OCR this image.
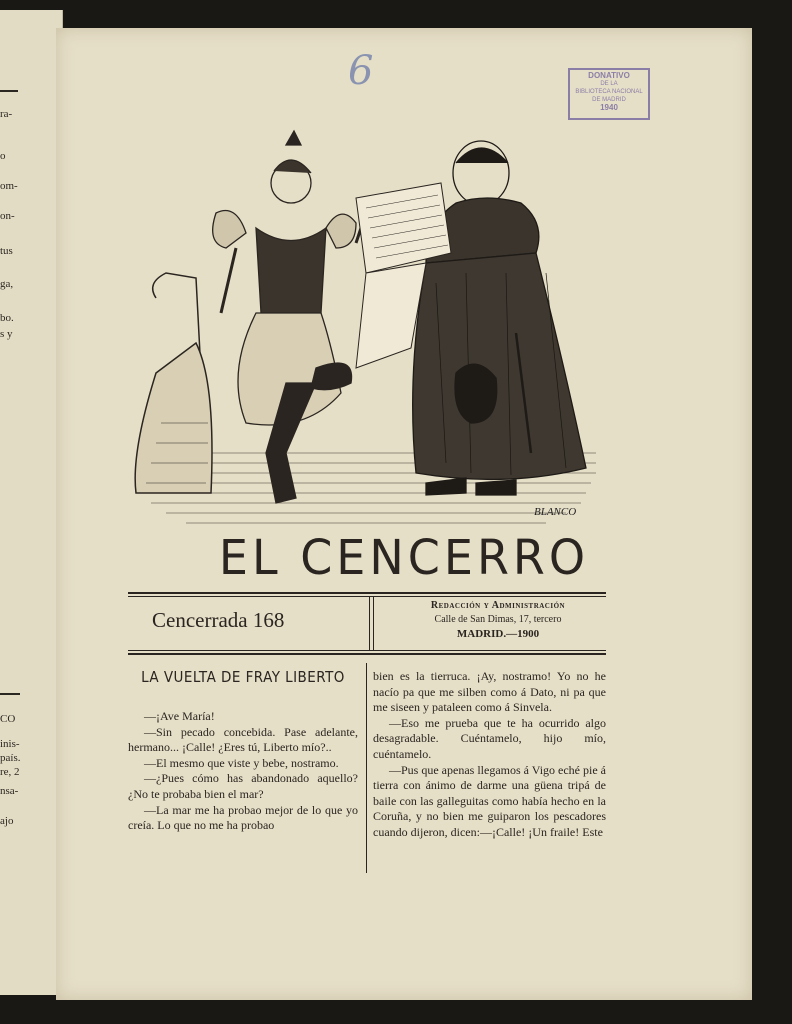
ra-
o
om-
on-
tus
ga,
bo.
s y
CO
inis-
país.
re, 2
nsa-
ajo
6	DONATIVO
DE LA
BIBLIOTECA NACIONAL
DE MADRID
1940
BLANCO
EL CENCERRO
Cencerrada 168
Redacción y Administración
Calle de San Dimas, 17, tercero
MADRID.—1900
LA VUELTA DE FRAY LIBERTO

—¡Ave María!

—Sin pecado concebida. Pase adelante, hermano... ¡Calle! ¿Eres tú, Liberto mío?..

—El mesmo que viste y bebe, nostramo.

—¿Pues cómo has abandonado aquello? ¿No te probaba bien el mar?

—La mar me ha probao mejor de lo que yo creía. Lo que no me ha probao

bien es la tierruca. ¡Ay, nostramo! Yo no he nacío pa que me silben como á Dato, ni pa que me siseen y pataleen como á Sinvela.

—Eso me prueba que te ha ocurrido algo desagradable. Cuéntamelo, hijo mío, cuéntamelo.

—Pus que apenas llegamos á Vigo eché pie á tierra con ánimo de darme una güena tripá de baile con las galleguitas como había hecho en la Coruña, y no bien me guiparon los pescadores cuando dijeron, dicen:—¡Calle! ¡Un fraile! Este
